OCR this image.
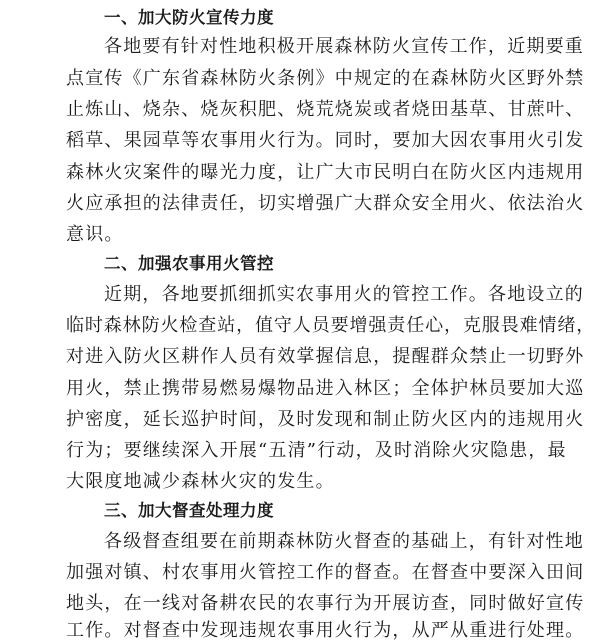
一、加大防火宣传力度
各地要有针对性地积极开展森林防火宣传工作，近期要重
点宣传《广东省森林防火条例》中规定的在森林防火区野外禁
止炼山、烧杂、烧灰积肥、烧荒烧炭或者烧田基草、甘蔗叶、
稻草、果园草等农事用火行为。同时，要加大因农事用火引发
森林火灾案件的曝光力度，让广大市民明白在防火区内违规用
火应承担的法律责任，切实增强广大群众安全用火、依法治火
意识。
二、加强农事用火管控
近期，各地要抓细抓实农事用火的管控工作。各地设立的
临时森林防火检查站，值守人员要增强责任心，克服畏难情绪，
对进入防火区耕作人员有效掌握信息，提醒群众禁止一切野外
用火，禁止携带易燃易爆物品进入林区；全体护林员要加大巡
护密度，延长巡护时间，及时发现和制止防火区内的违规用火
行为；要继续深入开展“五清”行动，及时消除火灾隐患，最
大限度地减少森林火灾的发生。
三、加大督查处理力度
各级督查组要在前期森林防火督查的基础上，有针对性地
加强对镇、村农事用火管控工作的督查。在督查中要深入田间
地头，在一线对备耕农民的农事行为开展访查，同时做好宣传
工作。对督查中发现违规农事用火行为，从严从重进行处理。
